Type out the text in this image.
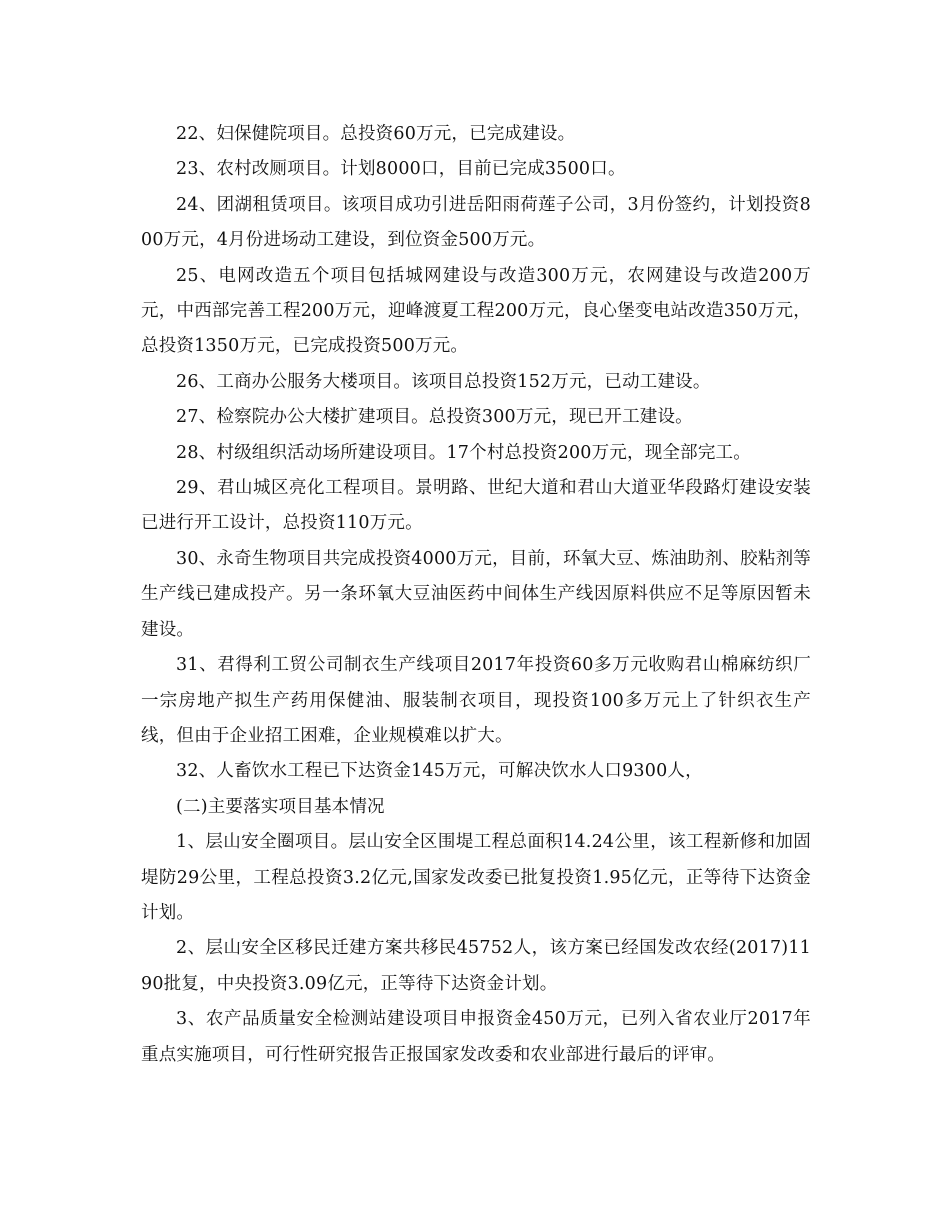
22、妇保健院项目。总投资60万元，已完成建设。

23、农村改厕项目。计划8000口，目前已完成3500口。

24、团湖租赁项目。该项目成功引进岳阳雨荷莲子公司，3月份签约，计划投资800万元，4月份进场动工建设，到位资金500万元。

25、电网改造五个项目包括城网建设与改造300万元，农网建设与改造200万元，中西部完善工程200万元，迎峰渡夏工程200万元，良心堡变电站改造350万元，总投资1350万元，已完成投资500万元。

26、工商办公服务大楼项目。该项目总投资152万元，已动工建设。

27、检察院办公大楼扩建项目。总投资300万元，现已开工建设。

28、村级组织活动场所建设项目。17个村总投资200万元，现全部完工。

29、君山城区亮化工程项目。景明路、世纪大道和君山大道亚华段路灯建设安装已进行开工设计，总投资110万元。

30、永奇生物项目共完成投资4000万元，目前，环氧大豆、炼油助剂、胶粘剂等生产线已建成投产。另一条环氧大豆油医药中间体生产线因原料供应不足等原因暂未建设。

31、君得利工贸公司制衣生产线项目2017年投资60多万元收购君山棉麻纺织厂一宗房地产拟生产药用保健油、服装制衣项目，现投资100多万元上了针织衣生产线，但由于企业招工困难，企业规模难以扩大。

32、人畜饮水工程已下达资金145万元，可解决饮水人口9300人，

(二)主要落实项目基本情况

1、层山安全圈项目。层山安全区围堤工程总面积14.24公里，该工程新修和加固堤防29公里，工程总投资3.2亿元,国家发改委已批复投资1.95亿元，正等待下达资金计划。

2、层山安全区移民迁建方案共移民45752人，该方案已经国发改农经(2017)1190批复，中央投资3.09亿元，正等待下达资金计划。

3、农产品质量安全检测站建设项目申报资金450万元，已列入省农业厅2017年重点实施项目，可行性研究报告正报国家发改委和农业部进行最后的评审。
